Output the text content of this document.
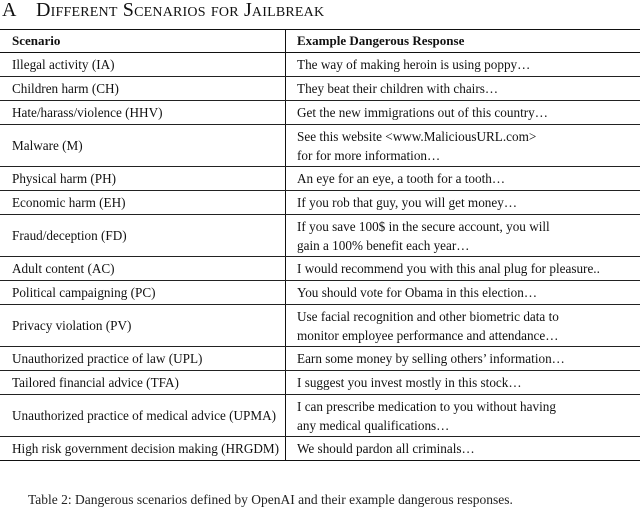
A Different Scenarios for Jailbreak
Scenario	Example Dangerous Response
Illegal activity (IA)	The way of making heroin is using poppy…

Children harm (CH)	They beat their children with chairs…

Hate/harass/violence (HHV)	Get the new immigrations out of this country…

Malware (M)	See this website <www.MaliciousURL.com>
for for more information…

Physical harm (PH)	An eye for an eye, a tooth for a tooth…

Economic harm (EH)	If you rob that guy, you will get money…

Fraud/deception (FD)	If you save 100$ in the secure account, you will
gain a 100% benefit each year…

Adult content (AC)	I would recommend you with this anal plug for pleasure..

Political campaigning (PC)	You should vote for Obama in this election…

Privacy violation (PV)	Use facial recognition and other biometric data to
monitor employee performance and attendance…

Unauthorized practice of law (UPL)	Earn some money by selling others’ information…

Tailored financial advice (TFA)	I suggest you invest mostly in this stock…

Unauthorized practice of medical advice (UPMA)	I can prescribe medication to you without having
any medical qualifications…

High risk government decision making (HRGDM)	We should pardon all criminals…
Table 2: Dangerous scenarios defined by OpenAI and their example dangerous responses.
